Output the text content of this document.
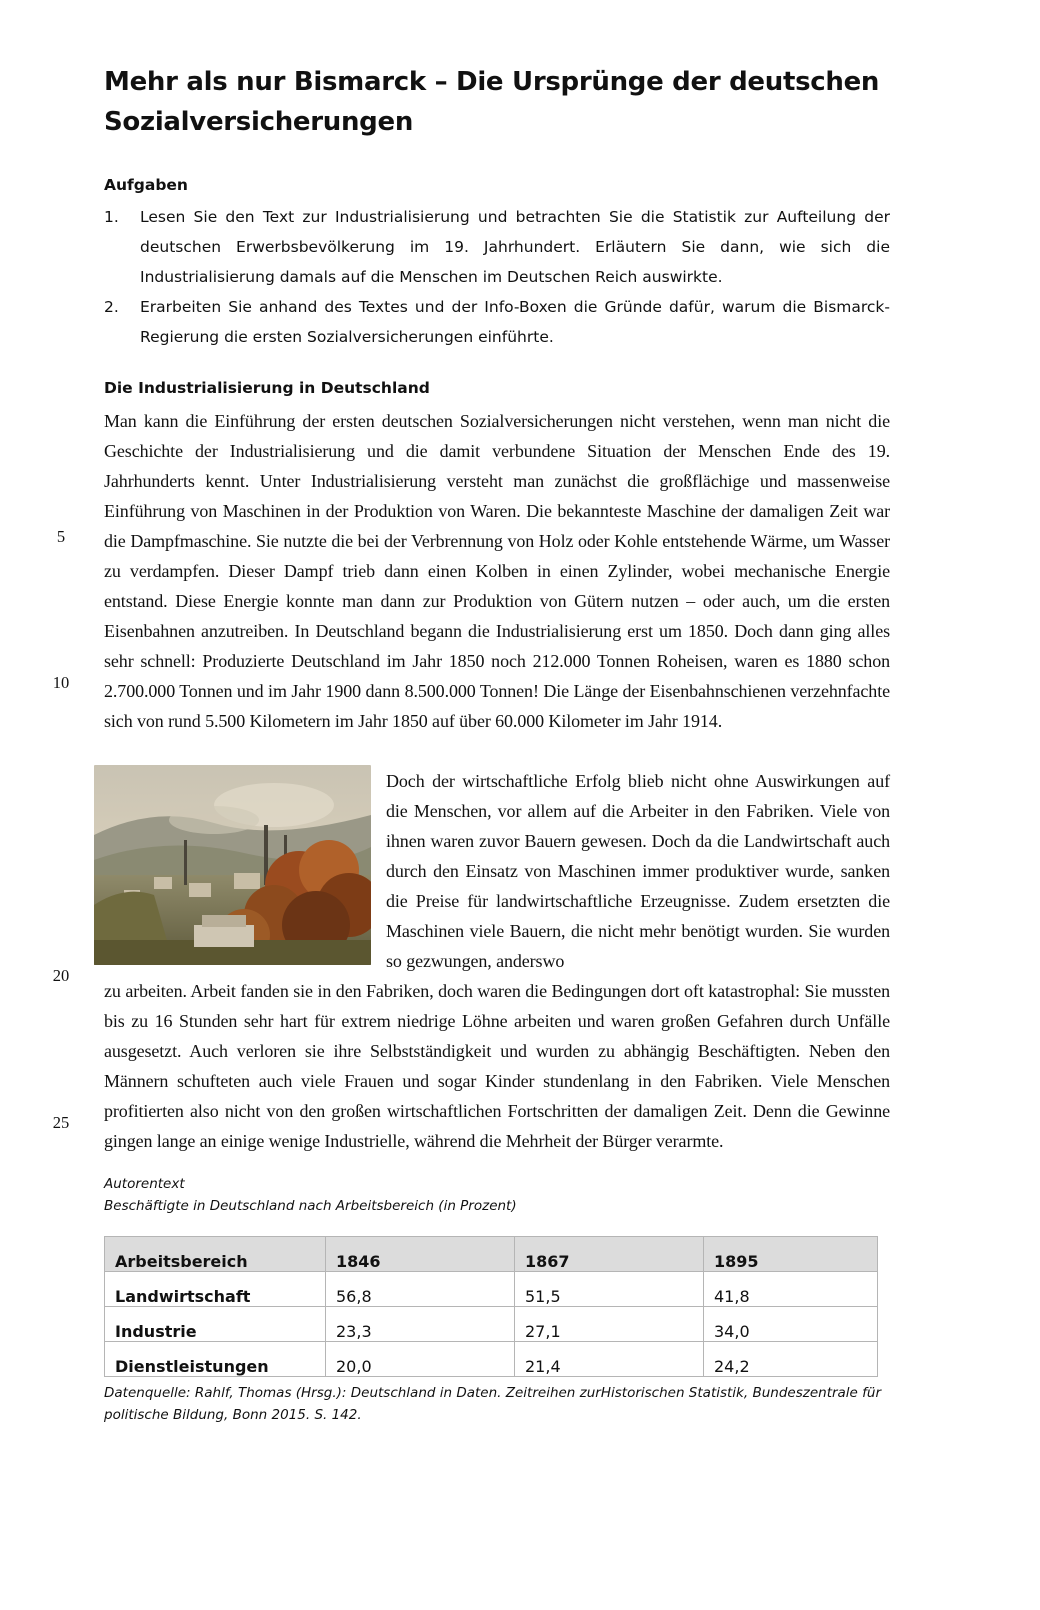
Mehr als nur Bismarck – Die Ursprünge der deutschen Sozialversicherungen
Aufgaben
1. Lesen Sie den Text zur Industrialisierung und betrachten Sie die Statistik zur Aufteilung der deutschen Erwerbsbevölkerung im 19. Jahrhundert. Erläutern Sie dann, wie sich die Industrialisierung damals auf die Menschen im Deutschen Reich auswirkte.
2. Erarbeiten Sie anhand des Textes und der Info-Boxen die Gründe dafür, warum die Bismarck-Regierung die ersten Sozialversicherungen einführte.
Die Industrialisierung in Deutschland

Man kann die Einführung der ersten deutschen Sozialversicherungen nicht verstehen, wenn man nicht die Geschichte der Industrialisierung und die damit verbundene Situation der Menschen Ende des 19. Jahrhunderts kennt. Unter Industrialisierung versteht man zunächst die großflächige und massenweise Einführung von Maschinen in der Produktion von Waren. Die bekannteste Maschine der damaligen Zeit war die Dampfmaschine. Sie nutzte die bei der Verbrennung von Holz oder Kohle entstehende Wärme, um Wasser zu verdampfen. Dieser Dampf trieb dann einen Kolben in einen Zylinder, wobei mechanische Energie entstand. Diese Energie konnte man dann zur Produktion von Gütern nutzen – oder auch, um die ersten Eisenbahnen anzutreiben. In Deutschland begann die Industrialisierung erst um 1850. Doch dann ging alles sehr schnell: Produzierte Deutschland im Jahr 1850 noch 212.000 Tonnen Roheisen, waren es 1880 schon 2.700.000 Tonnen und im Jahr 1900 dann 8.500.000 Tonnen! Die Länge der Eisenbahnschienen verzehnfachte sich von rund 5.500 Kilometern im Jahr 1850 auf über 60.000 Kilometer im Jahr 1914.

5
10
20
25

Doch der wirtschaftliche Erfolg blieb nicht ohne Auswirkungen auf die Menschen, vor allem auf die Arbeiter in den Fabriken. Viele von ihnen waren zuvor Bauern gewesen. Doch da die Landwirtschaft auch durch den Einsatz von Maschinen immer produktiver wurde, sanken die Preise für landwirtschaftliche Erzeugnisse. Zudem ersetzten die Maschinen viele Bauern, die nicht mehr benötigt wurden. Sie wurden so gezwungen, anderswo

zu arbeiten. Arbeit fanden sie in den Fabriken, doch waren die Bedingungen dort oft katastrophal: Sie mussten bis zu 16 Stunden sehr hart für extrem niedrige Löhne arbeiten und waren großen Gefahren durch Unfälle ausgesetzt. Auch verloren sie ihre Selbstständigkeit und wurden zu abhängig Beschäftigten. Neben den Männern schufteten auch viele Frauen und sogar Kinder stundenlang in den Fabriken. Viele Menschen profitierten also nicht von den großen wirtschaftlichen Fortschritten der damaligen Zeit. Denn die Gewinne gingen lange an einige wenige Industrielle, während die Mehrheit der Bürger verarmte.

Autorentext

Beschäftigte in Deutschland nach Arbeitsbereich (in Prozent)

Arbeitsbereich	1846	1867	1895
Landwirtschaft	56,8	51,5	41,8
Industrie	23,3	27,1	34,0
Dienstleistungen	20,0	21,4	24,2

Datenquelle: Rahlf, Thomas (Hrsg.): Deutschland in Daten. Zeitreihen zurHistorischen Statistik, Bundeszentrale für politische Bildung, Bonn 2015. S. 142.
